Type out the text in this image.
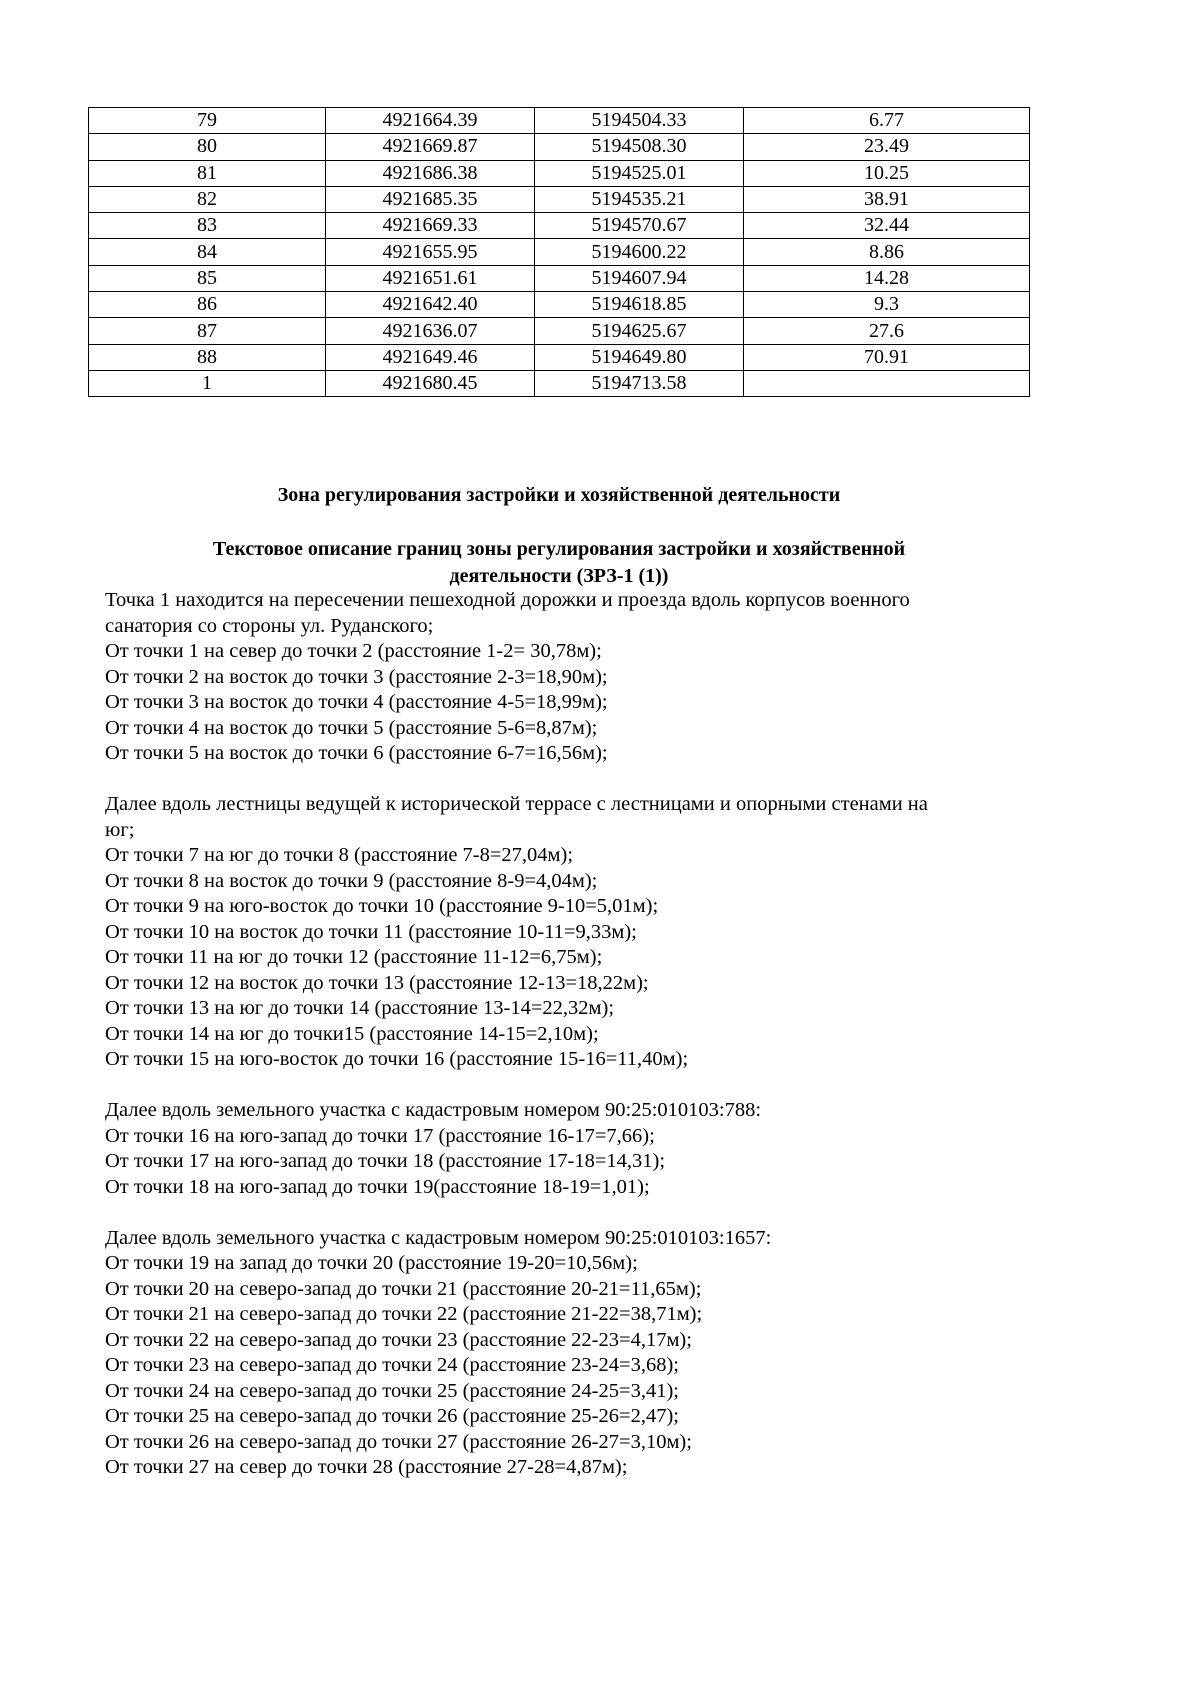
79	4921664.39	5194504.33	6.77
80	4921669.87	5194508.30	23.49
81	4921686.38	5194525.01	10.25
82	4921685.35	5194535.21	38.91
83	4921669.33	5194570.67	32.44
84	4921655.95	5194600.22	8.86
85	4921651.61	5194607.94	14.28
86	4921642.40	5194618.85	9.3
87	4921636.07	5194625.67	27.6
88	4921649.46	5194649.80	70.91
1	4921680.45	5194713.58	
Зона регулирования застройки и хозяйственной деятельности
Текстовое описание границ зоны регулирования застройки и хозяйственной
деятельности (ЗРЗ-1 (1))

Точка 1 находится на пересечении пешеходной дорожки и проезда вдоль корпусов военного
санатория со стороны ул. Руданского;
От точки 1 на север до точки 2 (расстояние 1-2= 30,78м);
От точки 2 на восток до точки 3 (расстояние 2-3=18,90м);
От точки 3 на восток до точки 4 (расстояние 4-5=18,99м);
От точки 4 на восток до точки 5 (расстояние 5-6=8,87м);
От точки 5 на восток до точки 6 (расстояние 6-7=16,56м);

Далее вдоль лестницы ведущей к исторической террасе с лестницами и опорными стенами на
юг;
От точки 7 на юг до точки 8 (расстояние 7-8=27,04м);
От точки 8 на восток до точки 9 (расстояние 8-9=4,04м);
От точки 9 на юго-восток до точки 10 (расстояние 9-10=5,01м);
От точки 10 на восток до точки 11 (расстояние 10-11=9,33м);
От точки 11 на юг до точки 12 (расстояние 11-12=6,75м);
От точки 12 на восток до точки 13 (расстояние 12-13=18,22м);
От точки 13 на юг до точки 14 (расстояние 13-14=22,32м);
От точки 14 на юг до точки15 (расстояние 14-15=2,10м);
От точки 15 на юго-восток до точки 16 (расстояние 15-16=11,40м);

Далее вдоль земельного участка с кадастровым номером 90:25:010103:788:
От точки 16 на юго-запад до точки 17 (расстояние 16-17=7,66);
От точки 17 на юго-запад до точки 18 (расстояние 17-18=14,31);
От точки 18 на юго-запад до точки 19(расстояние 18-19=1,01);

Далее вдоль земельного участка с кадастровым номером 90:25:010103:1657:
От точки 19 на запад до точки 20 (расстояние 19-20=10,56м);
От точки 20 на северо-запад до точки 21 (расстояние 20-21=11,65м);
От точки 21 на северо-запад до точки 22 (расстояние 21-22=38,71м);
От точки 22 на северо-запад до точки 23 (расстояние 22-23=4,17м);
От точки 23 на северо-запад до точки 24 (расстояние 23-24=3,68);
От точки 24 на северо-запад до точки 25 (расстояние 24-25=3,41);
От точки 25 на северо-запад до точки 26 (расстояние 25-26=2,47);
От точки 26 на северо-запад до точки 27 (расстояние 26-27=3,10м);
От точки 27 на север до точки 28 (расстояние 27-28=4,87м);
